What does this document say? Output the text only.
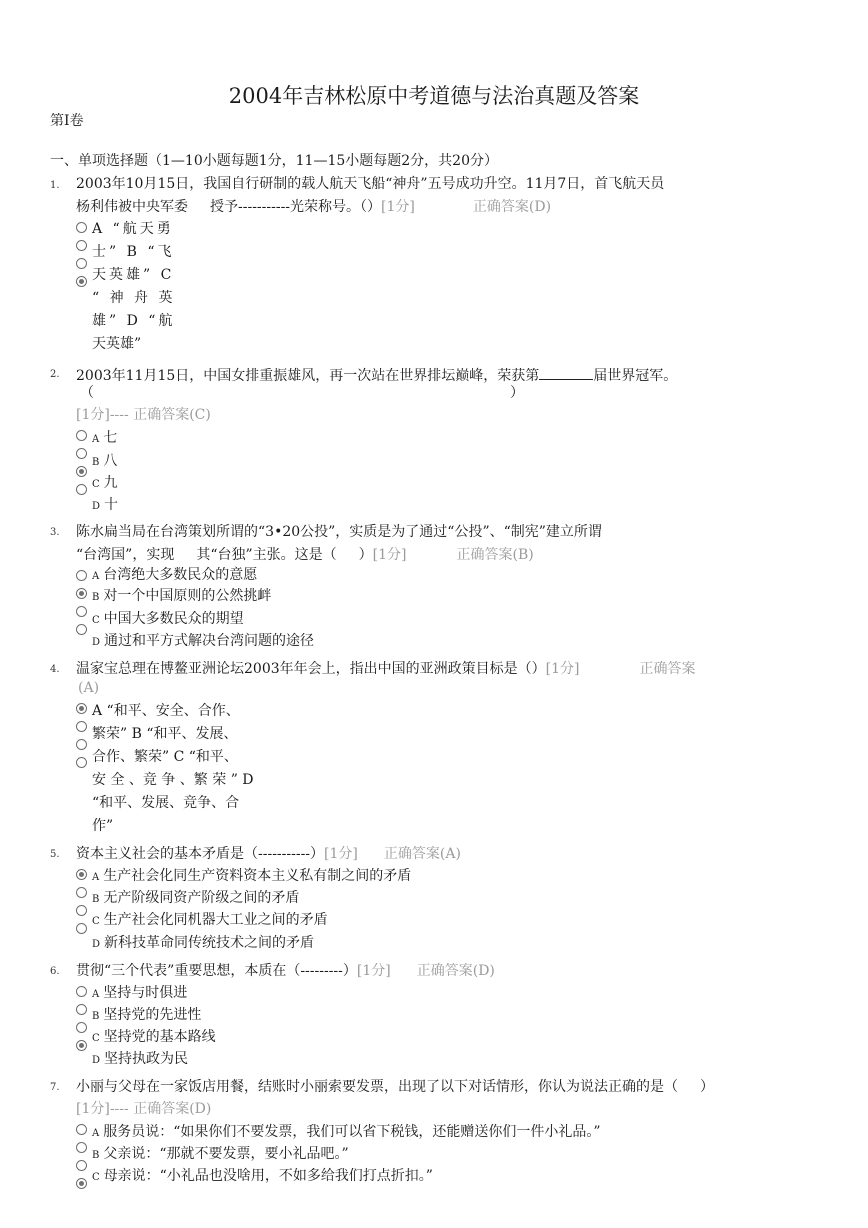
2004年吉林松原中考道德与法治真题及答案
第I卷
一、单项选择题（1—10小题每题1分，11—15小题每题2分，共20分）
1. 2003年10月15日，我国自行研制的载人航天飞船“神舟”五号成功升空。11月7日，首飞航天员
杨利伟被中央军委 授予-----------光荣称号。（）[1分]	正确答案(D)
A “航天勇
士” B “飞
天英雄” C
“ 神 舟 英
雄” D “航
天英雄”
2. 2003年11月15日，中国女排重振雄风，再一次站在世界排坛巅峰，荣获第	届世界冠军。
（	）
[1分]---- 正确答案(C)
A 七
B 八
C 九
D 十
3. 陈水扁当局在台湾策划所谓的“3•20公投”，实质是为了通过“公投”、“制宪”建立所谓
“台湾国”，实现 其“台独”主张。这是（ ）[1分]	正确答案(B)
A 台湾绝大多数民众的意愿
B 对一个中国原则的公然挑衅
C 中国大多数民众的期望
D 通过和平方式解决台湾问题的途径
4. 温家宝总理在博鳌亚洲论坛2003年年会上，指出中国的亚洲政策目标是（）[1分]	正确答案
(A)
A “和平、安全、合作、
繁荣” B “和平、发展、
合作、繁荣” C “和平、
安 全 、竞 争 、繁 荣 ” D
“和平、发展、竞争、合
作”
5. 资本主义社会的基本矛盾是（-----------）[1分] 正确答案(A)
A 生产社会化同生产资料资本主义私有制之间的矛盾
B 无产阶级同资产阶级之间的矛盾
C 生产社会化同机器大工业之间的矛盾
D 新科技革命同传统技术之间的矛盾
6. 贯彻“三个代表”重要思想，本质在（---------）[1分] 正确答案(D)
A 坚持与时俱进
B 坚持党的先进性
C 坚持党的基本路线
D 坚持执政为民
7. 小丽与父母在一家饭店用餐，结账时小丽索要发票，出现了以下对话情形，你认为说法正确的是（ ）
[1分]---- 正确答案(D)
A 服务员说：“如果你们不要发票，我们可以省下税钱，还能赠送你们一件小礼品。”
B 父亲说：“那就不要发票，要小礼品吧。”
C 母亲说：“小礼品也没啥用，不如多给我们打点折扣。”
